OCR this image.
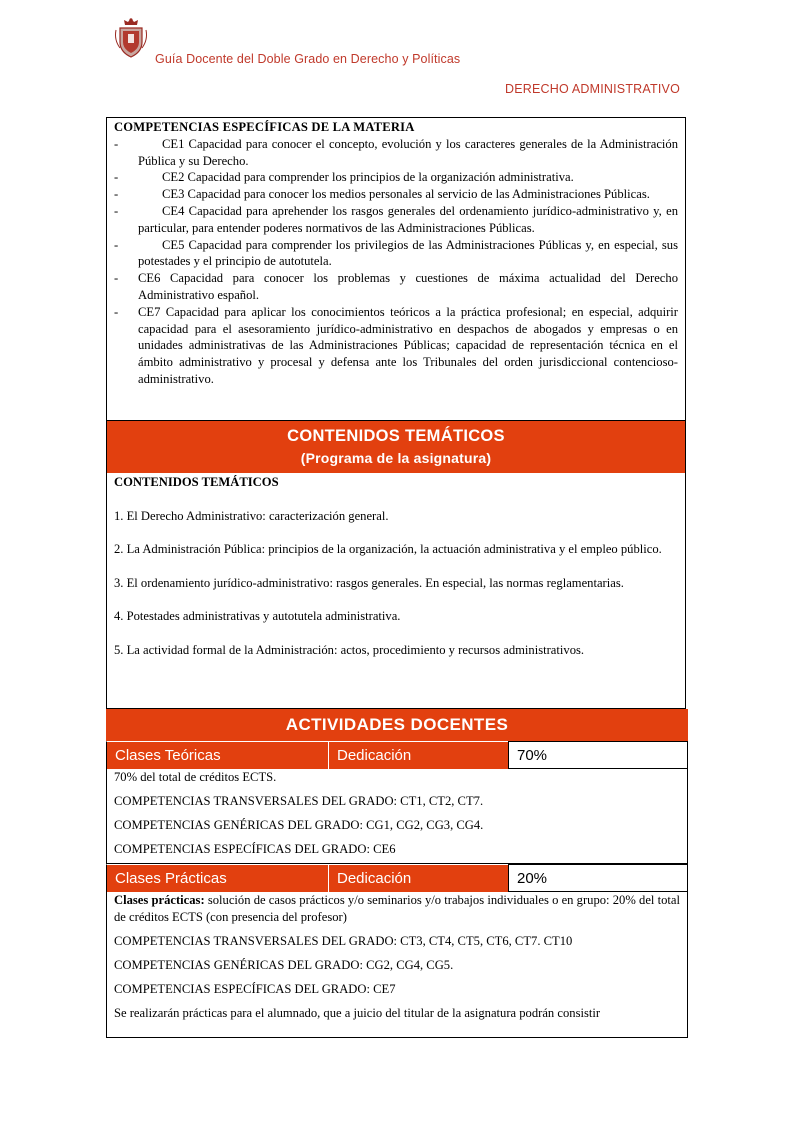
Guía Docente del Doble Grado en Derecho y Políticas
DERECHO ADMINISTRATIVO
COMPETENCIAS ESPECÍFICAS DE LA MATERIA
-	CE1 Capacidad para conocer el concepto, evolución y los caracteres generales de la Administración Pública y su Derecho.
-	CE2 Capacidad para comprender los principios de la organización administrativa.
-	CE3 Capacidad para conocer los medios personales al servicio de las Administraciones Públicas.
-	CE4 Capacidad para aprehender los rasgos generales del ordenamiento jurídico-administrativo y, en particular, para entender poderes normativos de las Administraciones Públicas.
-	CE5 Capacidad para comprender los privilegios de las Administraciones Públicas y, en especial, sus potestades y el principio de autotutela.
- CE6 Capacidad para conocer los problemas y cuestiones de máxima actualidad del Derecho Administrativo español.
- CE7 Capacidad para aplicar los conocimientos teóricos a la práctica profesional; en especial, adquirir capacidad para el asesoramiento jurídico-administrativo en despachos de abogados y empresas o en unidades administrativas de las Administraciones Públicas; capacidad de representación técnica en el ámbito administrativo y procesal y defensa ante los Tribunales del orden jurisdiccional contencioso-administrativo.
CONTENIDOS TEMÁTICOS
(Programa de la asignatura)

CONTENIDOS TEMÁTICOS

1. El Derecho Administrativo: caracterización general.

2. La Administración Pública: principios de la organización, la actuación administrativa y el empleo público.

3. El ordenamiento jurídico-administrativo: rasgos generales. En especial, las normas reglamentarias.

4. Potestades administrativas y autotutela administrativa.

5. La actividad formal de la Administración: actos, procedimiento y recursos administrativos.

ACTIVIDADES DOCENTES
Clases Teóricas	Dedicación	70%

70% del total de créditos ECTS.

COMPETENCIAS TRANSVERSALES DEL GRADO: CT1, CT2, CT7.

COMPETENCIAS GENÉRICAS DEL GRADO: CG1, CG2, CG3, CG4.

COMPETENCIAS ESPECÍFICAS DEL GRADO: CE6

Clases Prácticas	Dedicación	20%

Clases prácticas: solución de casos prácticos y/o seminarios y/o trabajos individuales o en grupo: 20% del total de créditos ECTS (con presencia del profesor)

COMPETENCIAS TRANSVERSALES DEL GRADO: CT3, CT4, CT5, CT6, CT7. CT10

COMPETENCIAS GENÉRICAS DEL GRADO: CG2, CG4, CG5.

COMPETENCIAS ESPECÍFICAS DEL GRADO: CE7

Se realizarán prácticas para el alumnado, que a juicio del titular de la asignatura podrán consistir
